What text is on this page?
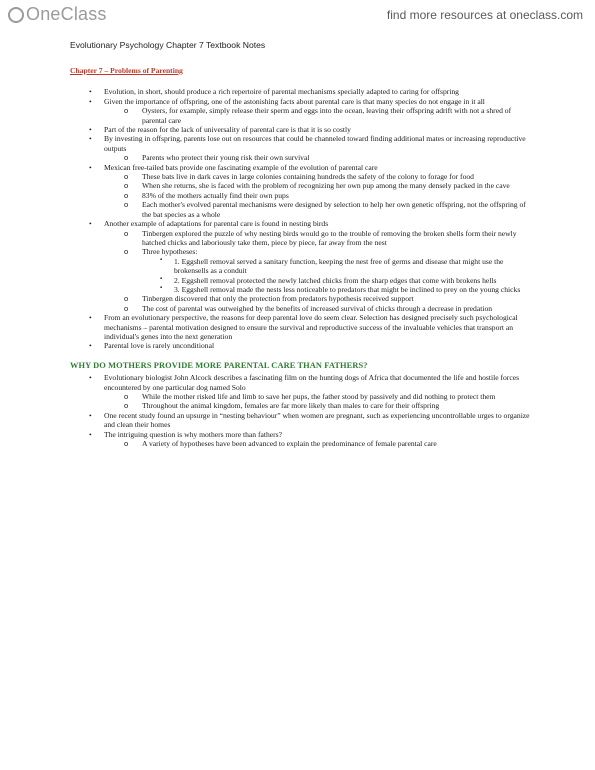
OneClass	find more resources at oneclass.com
Evolutionary Psychology Chapter 7 Textbook Notes
Chapter 7 – Problems of Parenting
• Evolution, in short, should produce a rich repertoire of parental mechanisms specially adapted to caring for offspring
• Given the importance of offspring, one of the astonishing facts about parental care is that many species do not engage in it all
o Oysters, for example, simply release their sperm and eggs into the ocean, leaving their offspring adrift with not a shred of parental care
• Part of the reason for the lack of universality of parental care is that it is so costly
• By investing in offspring, parents lose out on resources that could be channeled toward finding additional mates or increasing reproductive outputs
o Parents who protect their young risk their own survival
• Mexican free-tailed bats provide one fascinating example of the evolution of parental care
o These bats live in dark caves in large colonies containing hundreds the safety of the colony to forage for food
o When she returns, she is faced with the problem of recognizing her own pup among the many densely packed in the cave
o 83% of the mothers actually find their own pups
o Each mother's evolved parental mechanisms were designed by selection to help her own genetic offspring, not the offspring of the bat species as a whole
• Another example of adaptations for parental care is found in nesting birds
o Tinbergen explored the puzzle of why nesting birds would go to the trouble of removing the broken shells form their newly hatched chicks and laboriously take them, piece by piece, far away from the nest
o Three hypotheses:
▪ 1. Eggshell removal served a sanitary function, keeping the nest free of germs and disease that might use the brokensells as a conduit
▪ 2. Eggshell removal protected the newly latched chicks from the sharp edges that come with brokens hells
▪ 3. Eggshell removal made the nests less noticeable to predators that might be inclined to prey on the young chicks
o Tinbergen discovered that only the protection from predators hypothesis received support
o The cost of parental was outweighed by the benefits of increased survival of chicks through a decrease in predation
• From an evolutionary perspective, the reasons for deep parental love do seem clear. Selection has designed precisely such psychological mechanisms – parental motivation designed to ensure the survival and reproductive success of the invaluable vehicles that transport an individual's genes into the next generation
• Parental love is rarely unconditional
WHY DO MOTHERS PROVIDE MORE PARENTAL CARE THAN FATHERS?
• Evolutionary biologist John Alcock describes a fascinating film on the hunting dogs of Africa that documented the life and hostile forces encountered by one particular dog named Solo
o While the mother risked life and limb to save her pups, the father stood by passively and did nothing to protect them
o Throughout the animal kingdom, females are far more likely than males to care for their offspring
• One recent study found an upsurge in “nesting behaviour” when women are pregnant, such as experiencing uncontrollable urges to organize and clean their homes
• The intriguing question is why mothers more than fathers?
o A variety of hypotheses have been advanced to explain the predominance of female parental care
